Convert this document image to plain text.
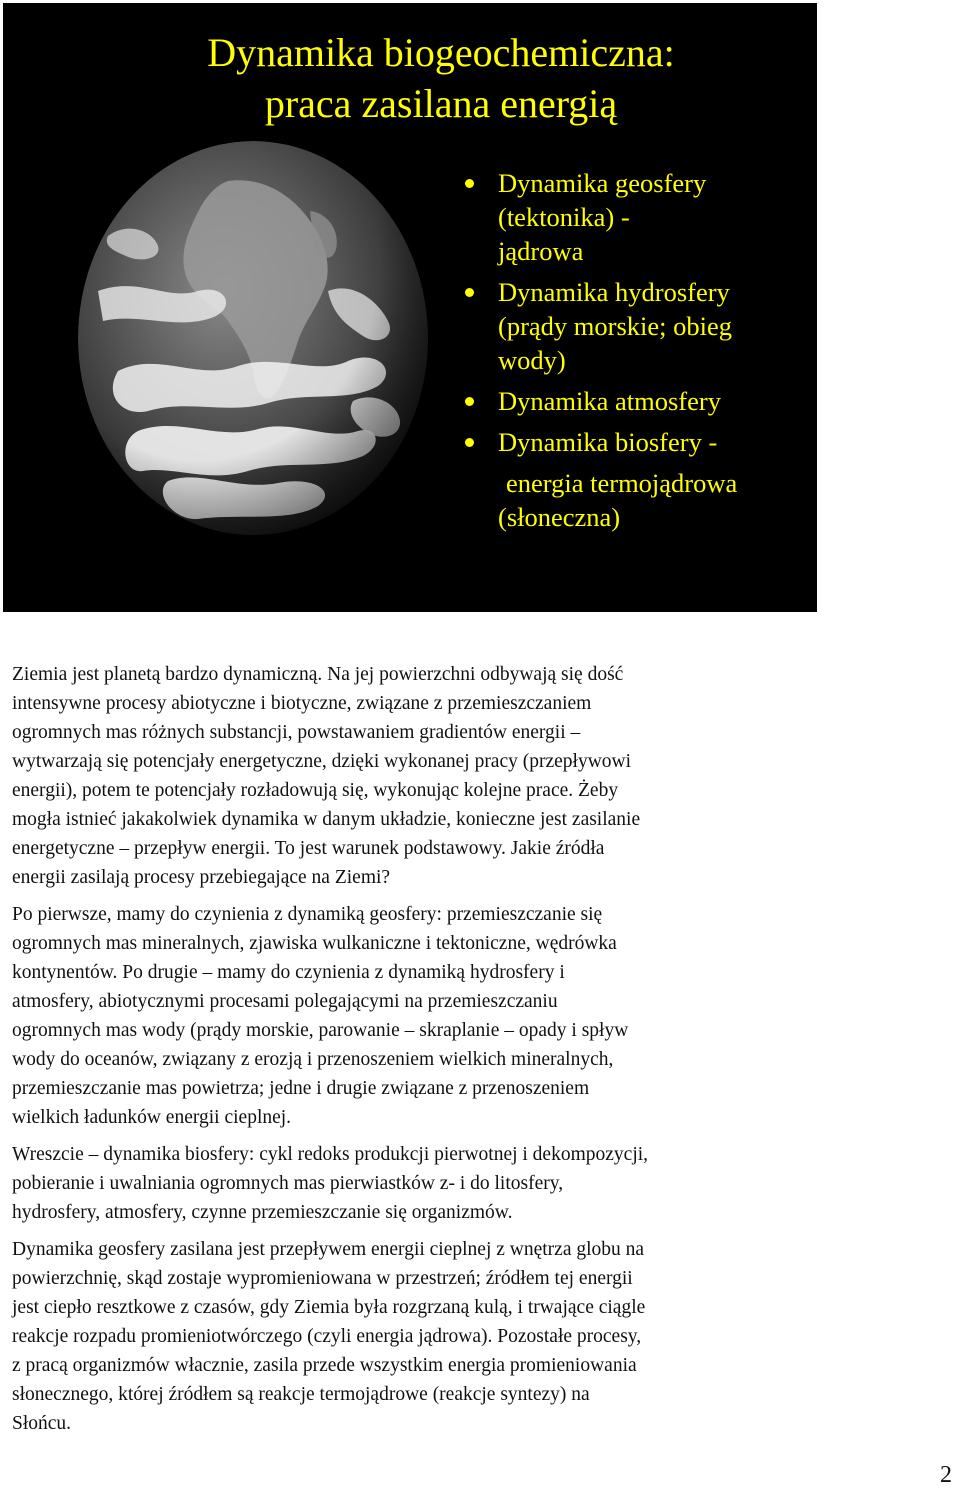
Dynamika biogeochemiczna:
praca zasilana energią
Dynamika geosfery
(tektonika) -
jądrowa
Dynamika hydrosfery
(prądy morskie; obieg
wody)
Dynamika atmosfery
Dynamika biosfery -
energia termojądrowa
(słoneczna)

Ziemia jest planetą bardzo dynamiczną. Na jej powierzchni odbywają się dość
intensywne procesy abiotyczne i biotyczne, związane z przemieszczaniem
ogromnych mas różnych substancji, powstawaniem gradientów energii –
wytwarzają się potencjały energetyczne, dzięki wykonanej pracy (przepływowi
energii), potem te potencjały rozładowują się, wykonując kolejne prace. Żeby
mogła istnieć jakakolwiek dynamika w danym układzie, konieczne jest zasilanie
energetyczne – przepływ energii. To jest warunek podstawowy. Jakie źródła
energii zasilają procesy przebiegające na Ziemi?

Po pierwsze, mamy do czynienia z dynamiką geosfery: przemieszczanie się
ogromnych mas mineralnych, zjawiska wulkaniczne i tektoniczne, wędrówka
kontynentów. Po drugie – mamy do czynienia z dynamiką hydrosfery i
atmosfery, abiotycznymi procesami polegającymi na przemieszczaniu
ogromnych mas wody (prądy morskie, parowanie – skraplanie – opady i spływ
wody do oceanów, związany z erozją i przenoszeniem wielkich mineralnych,
przemieszczanie mas powietrza; jedne i drugie związane z przenoszeniem
wielkich ładunków energii cieplnej.

Wreszcie – dynamika biosfery: cykl redoks produkcji pierwotnej i dekompozycji,
pobieranie i uwalniania ogromnych mas pierwiastków z- i do litosfery,
hydrosfery, atmosfery, czynne przemieszczanie się organizmów.

Dynamika geosfery zasilana jest przepływem energii cieplnej z wnętrza globu na
powierzchnię, skąd zostaje wypromieniowana w przestrzeń; źródłem tej energii
jest ciepło resztkowe z czasów, gdy Ziemia była rozgrzaną kulą, i trwające ciągle
reakcje rozpadu promieniotwórczego (czyli energia jądrowa). Pozostałe procesy,
z pracą organizmów włacznie, zasila przede wszystkim energia promieniowania
słonecznego, której źródłem są reakcje termojądrowe (reakcje syntezy) na
Słońcu.

2
